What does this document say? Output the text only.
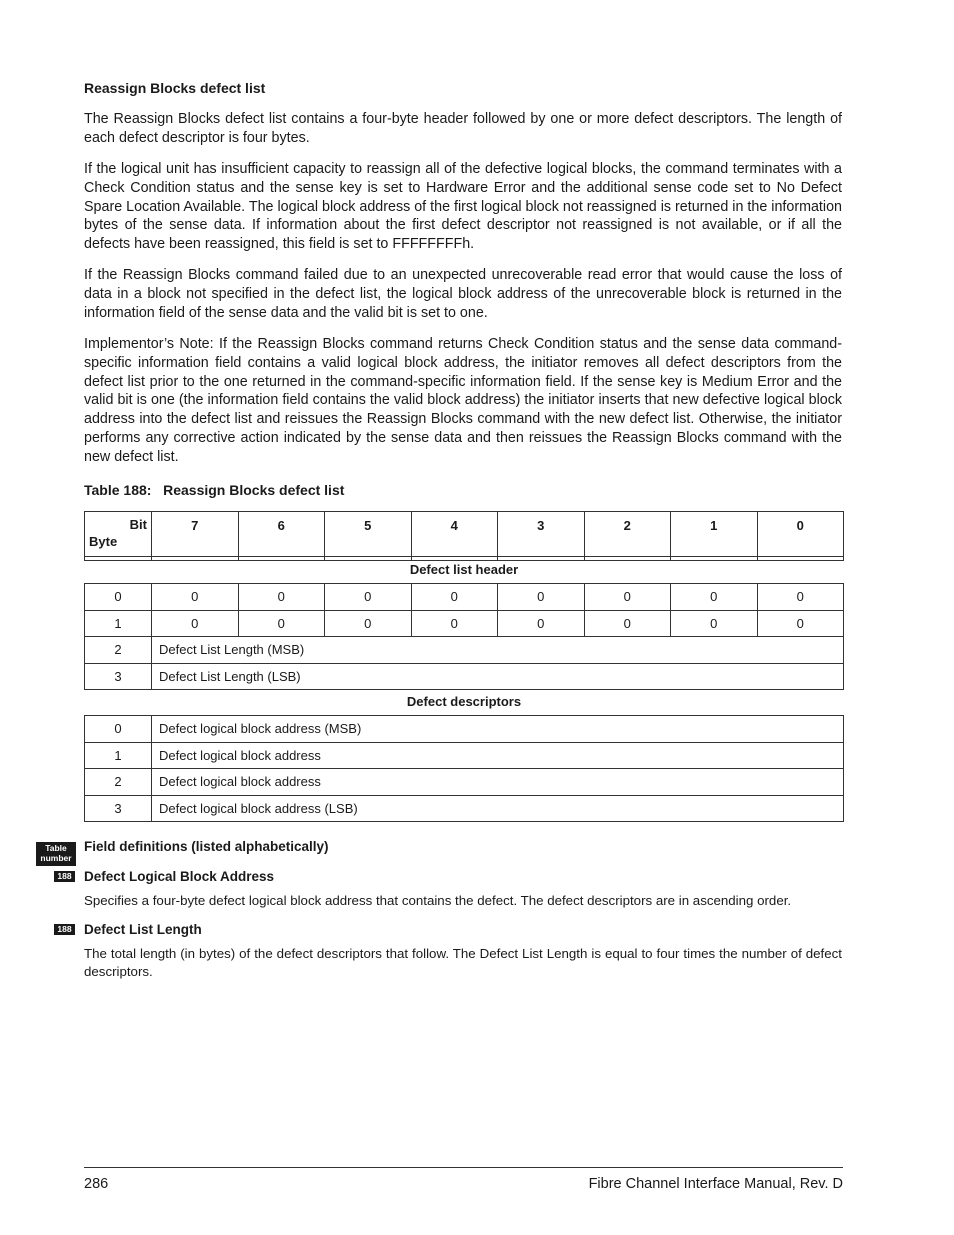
Reassign Blocks defect list

The Reassign Blocks defect list contains a four-byte header followed by one or more defect descriptors. The length of each defect descriptor is four bytes.

If the logical unit has insufficient capacity to reassign all of the defective logical blocks, the command terminates with a Check Condition status and the sense key is set to Hardware Error and the additional sense code set to No Defect Spare Location Available. The logical block address of the first logical block not reassigned is returned in the information bytes of the sense data. If information about the first defect descriptor not reassigned is not available, or if all the defects have been reassigned, this field is set to FFFFFFFFh.

If the Reassign Blocks command failed due to an unexpected unrecoverable read error that would cause the loss of data in a block not specified in the defect list, the logical block address of the unrecoverable block is returned in the information field of the sense data and the valid bit is set to one.

Implementor’s Note: If the Reassign Blocks command returns Check Condition status and the sense data command-specific information field contains a valid logical block address, the initiator removes all defect descriptors from the defect list prior to the one returned in the command-specific information field. If the sense key is Medium Error and the valid bit is one (the information field contains the valid block address) the initiator inserts that new defective logical block address into the defect list and reissues the Reassign Blocks command with the new defect list. Otherwise, the initiator performs any corrective action indicated by the sense data and then reissues the Reassign Blocks command with the new defect list.

Table 188:   Reassign Blocks defect list
Bit
Byte
	7	6	5	4	3	2	1	0
Defect list header
0	0	0	0	0	0	0	0	0
1	0	0	0	0	0	0	0	0
2	Defect List Length (MSB)							
3	Defect List Length (LSB)							
Defect descriptors
0	Defect logical block address (MSB)
1	Defect logical block address
2	Defect logical block address
3	Defect logical block address (LSB)
Field definitions (listed alphabetically)
Defect Logical Block Address

Specifies a four-byte defect logical block address that contains the defect. The defect descriptors are in ascending order.

Defect List Length

The total length (in bytes) of the defect descriptors that follow. The Defect List Length is equal to four times the number of defect descriptors.

Table
number
188
188
286	Fibre Channel Interface Manual, Rev. D
